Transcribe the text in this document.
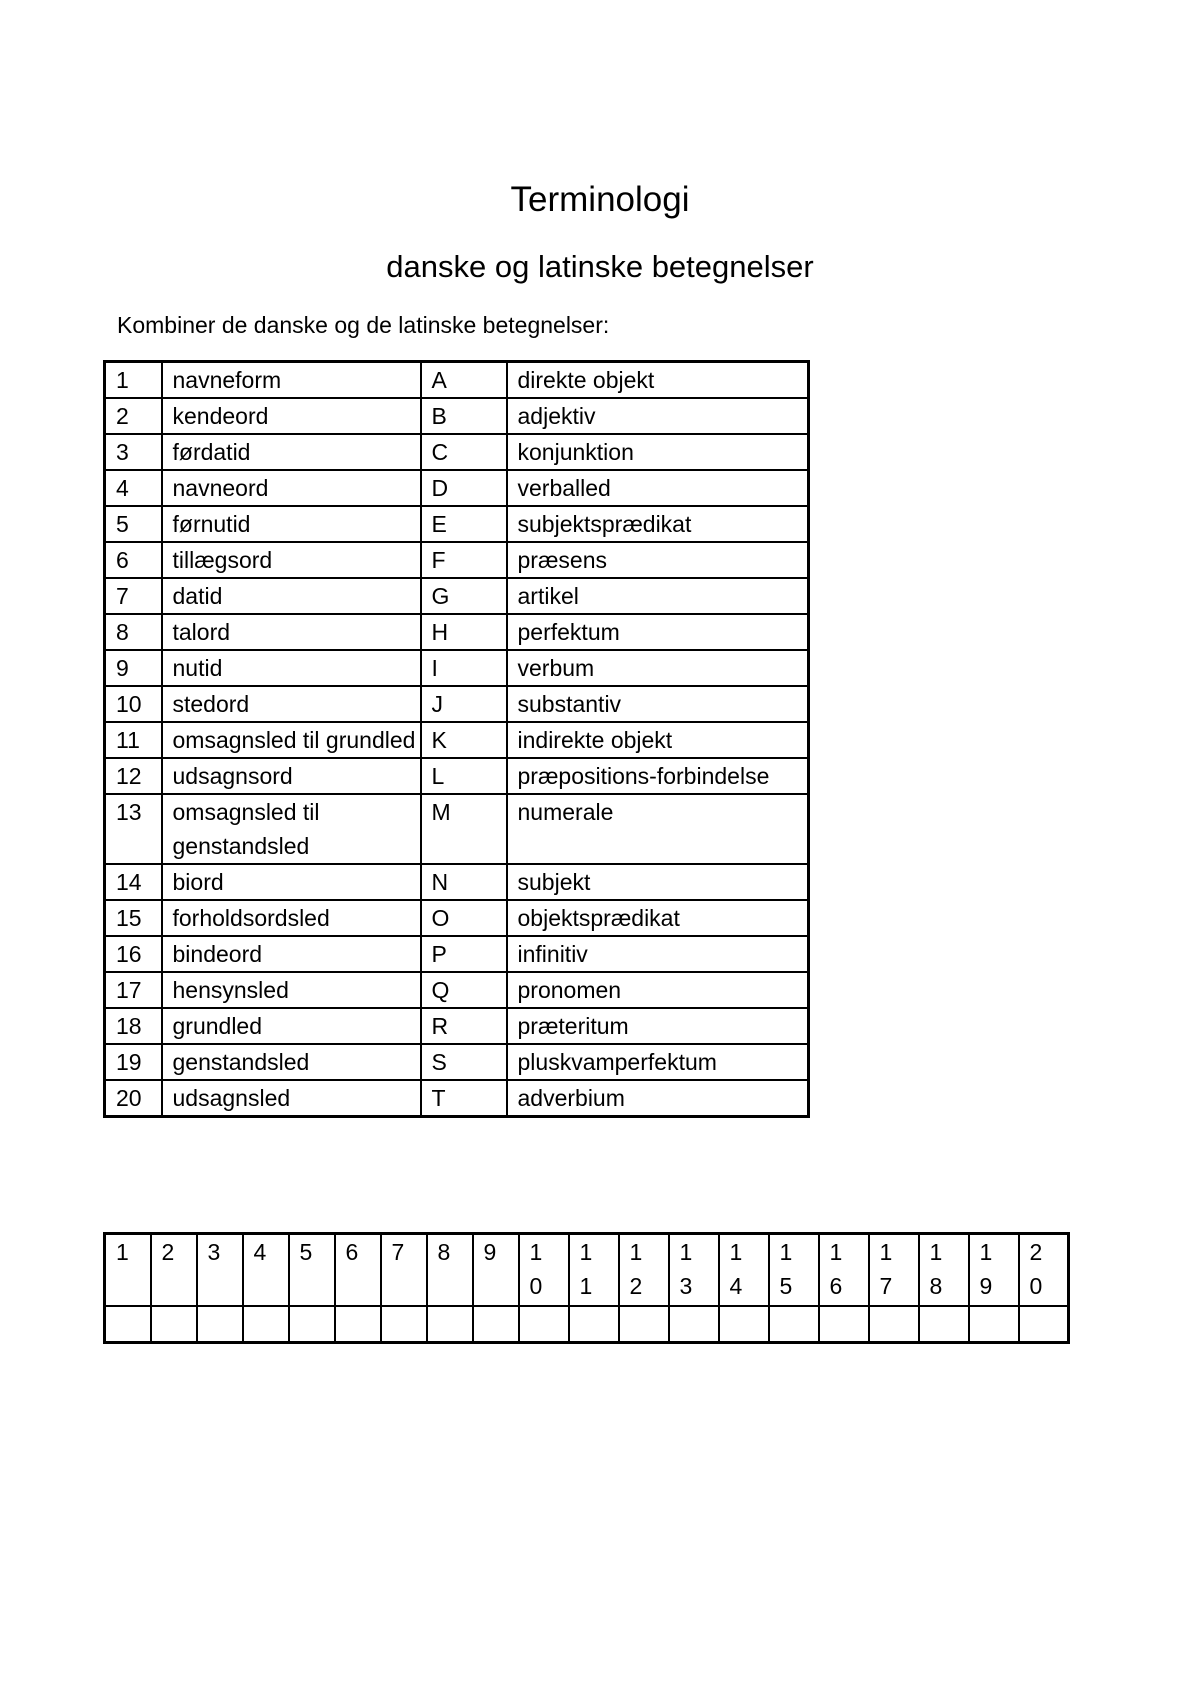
Terminologi
danske og latinske betegnelser
Kombiner de danske og de latinske betegnelser:
1	navneform	A	direkte objekt
2	kendeord	B	adjektiv
3	førdatid	C	konjunktion
4	navneord	D	verballed
5	førnutid	E	subjektsprædikat
6	tillægsord	F	præsens
7	datid	G	artikel
8	talord	H	perfektum
9	nutid	I	verbum
10	stedord	J	substantiv
11	omsagnsled til grundled	K	indirekte objekt
12	udsagnsord	L	præpositions-forbindelse
13	omsagnsled til genstandsled	M	numerale
14	biord	N	subjekt
15	forholdsordsled	O	objektsprædikat
16	bindeord	P	infinitiv
17	hensynsled	Q	pronomen
18	grundled	R	præteritum
19	genstandsled	S	pluskvamperfektum
20	udsagnsled	T	adverbium
1	2	3	4	5	6	7	8	9	10	11	12	13	14	15	16	17	18	19	20
